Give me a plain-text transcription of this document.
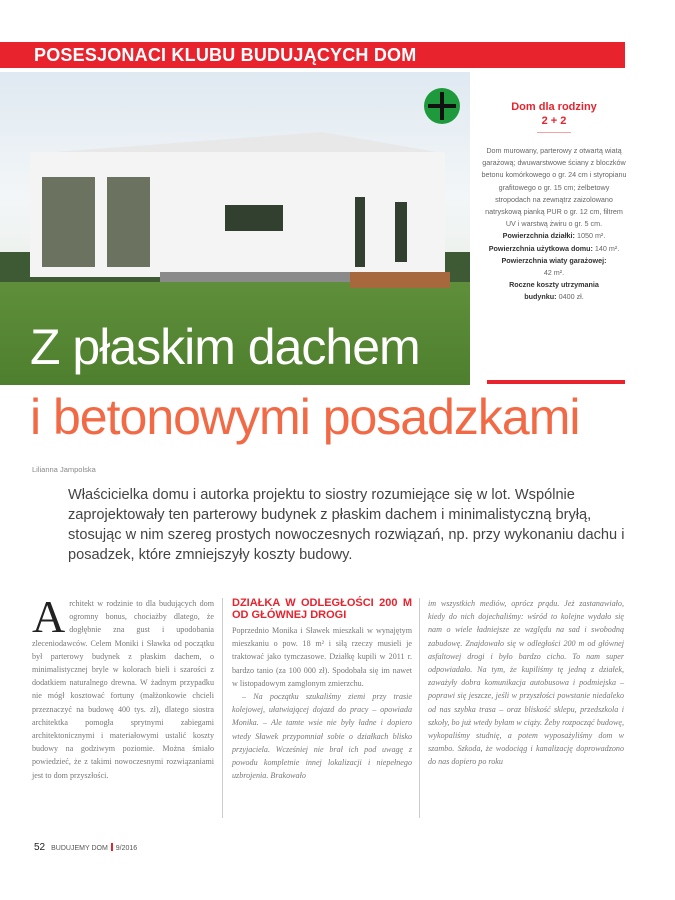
POSESJONACI KLUBU BUDUJĄCYCH DOM
Z płaskim dachem
Dom dla rodziny
2 + 2

Dom murowany, parterowy z otwartą wiatą garażową; dwuwarstwowe ściany z bloczków betonu komórkowego o gr. 24 cm i styropianu grafitowego o gr. 15 cm; żelbetowy stropodach na zewnątrz zaizolowano natryskową pianką PUR o gr. 12 cm, filtrem UV i warstwą żwiru o gr. 5 cm.

Powierzchnia działki: 1050 m².

Powierzchnia użytkowa domu: 140 m².

Powierzchnia wiaty garażowej: 42 m².

Roczne koszty utrzymania budynku: 0400 zł.

i betonowymi posadzkami
Lilianna Jampolska

Właścicielka domu i autorka projektu to siostry rozumiejące się w lot. Wspólnie zaprojektowały ten parterowy budynek z płaskim dachem i minimalistyczną bryłą, stosując w nim szereg prostych nowoczesnych rozwiązań, np. przy wykonaniu dachu i posadzek, które zmniejszyły koszty budowy.

Architekt w rodzinie to dla budujących dom ogromny bonus, chociażby dlatego, że dogłębnie zna gust i upodobania zleceniodawców. Celem Moniki i Sławka od początku był parterowy budynek z płaskim dachem, o minimalistycznej bryle w kolorach bieli i szarości z dodatkiem naturalnego drewna. W żadnym przypadku nie mógł kosztować fortuny (małżonkowie chcieli przeznaczyć na budowę 400 tys. zł), dlatego siostra architektka pomogła sprytnymi zabiegami architektonicznymi i materiałowymi ustalić koszty budowy na godziwym poziomie. Można śmiało powiedzieć, że z takimi nowoczesnymi rozwiązaniami jest to dom przyszłości.
DZIAŁKA W ODLEGŁOŚCI 200 M OD GŁÓWNEJ DROGI

Poprzednio Monika i Sławek mieszkali w wynajętym mieszkaniu o pow. 18 m² i siłą rzeczy musieli je traktować jako tymczasowe. Działkę kupili w 2011 r. bardzo tanio (za 100 000 zł). Spodobała się im nawet w listopadowym zamglonym zmierzchu.

– Na początku szukaliśmy ziemi przy trasie kolejowej, ułatwiającej dojazd do pracy – opowiada Monika. – Ale tamte wsie nie były ładne i dopiero wtedy Sławek przypomniał sobie o działkach blisko przyjaciela. Wcześniej nie brał ich pod uwagę z powodu kompletnie innej lokalizacji i niepełnego uzbrojenia. Brakowało

im wszystkich mediów, oprócz prądu. Jeż zastanawiało, kiedy do nich dojechaliśmy: wśród to kolejne wydało się nam o wiele ładniejsze ze względu na sad i swobodną zabudowę. Znajdowało się w odległości 200 m od głównej asfaltowej drogi i było bardzo cicho. To nam super odpowiadało. Na tym, że kupiliśmy tę jedną z działek, zaważyły dobra komunikacja autobusowa i podmiejska – poprawi się jeszcze, jeśli w przyszłości powstanie niedaleko od nas szybka trasa – oraz bliskość sklepu, przedszkola i szkoły, bo już wtedy byłam w ciąży. Żeby rozpocząć budowę, wykopaliśmy studnię, a potem wyposażyliśmy dom w szambo. Szkoda, że wodociąg i kanalizację doprowadzono do nas dopiero po roku

52 BUDUJEMY DOM 9/2016
